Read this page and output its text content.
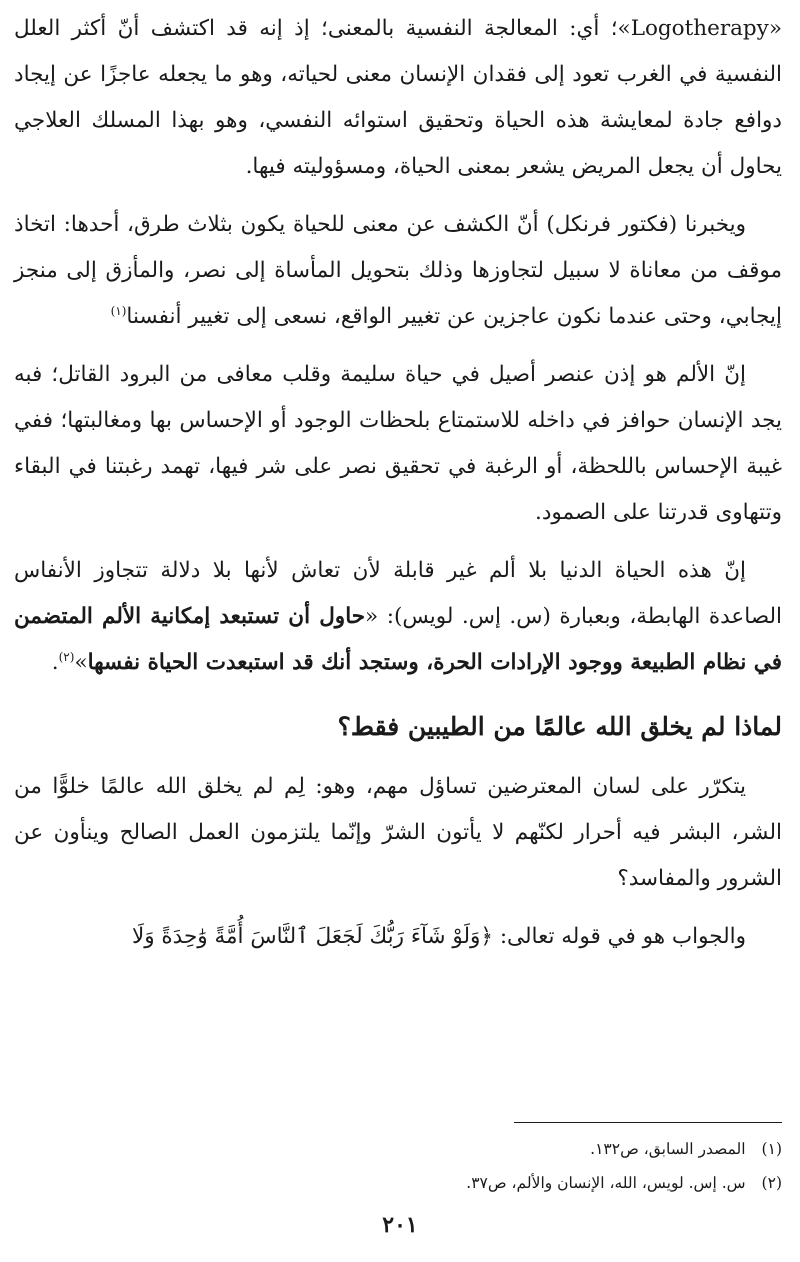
«Logotherapy»؛ أي: المعالجة النفسية بالمعنى؛ إذ إنه قد اكتشف أنّ أكثر العلل النفسية في الغرب تعود إلى فقدان الإنسان معنى لحياته، وهو ما يجعله عاجزًا عن إيجاد دوافع جادة لمعايشة هذه الحياة وتحقيق استوائه النفسي، وهو بهذا المسلك العلاجي يحاول أن يجعل المريض يشعر بمعنى الحياة، ومسؤوليته فيها.

ويخبرنا (فكتور فرنكل) أنّ الكشف عن معنى للحياة يكون بثلاث طرق، أحدها: اتخاذ موقف من معاناة لا سبيل لتجاوزها وذلك بتحويل المأساة إلى نصر، والمأزق إلى منجز إيجابي، وحتى عندما نكون عاجزين عن تغيير الواقع، نسعى إلى تغيير أنفسنا$^{(١)}$

إنّ الألم هو إذن عنصر أصيل في حياة سليمة وقلب معافى من البرود القاتل؛ فبه يجد الإنسان حوافز في داخله للاستمتاع بلحظات الوجود أو الإحساس بها ومغالبتها؛ ففي غيبة الإحساس باللحظة، أو الرغبة في تحقيق نصر على شر فيها، تهمد رغبتنا في البقاء وتتهاوى قدرتنا على الصمود.

إنّ هذه الحياة الدنيا بلا ألم غير قابلة لأن تعاش لأنها بلا دلالة تتجاوز الأنفاس الصاعدة الهابطة، وبعبارة (س. إس. لويس): «حاول أن تستبعد إمكانية الألم المتضمن في نظام الطبيعة ووجود الإرادات الحرة، وستجد أنك قد استبعدت الحياة نفسها»$^{(٢)}$.

لماذا لم يخلق الله عالمًا من الطيبين فقط؟

يتكرّر على لسان المعترضين تساؤل مهم، وهو: لِم لم يخلق الله عالمًا خلوًّا من الشر، البشر فيه أحرار لكنّهم لا يأتون الشرّ وإنّما يلتزمون العمل الصالح وينأون عن الشرور والمفاسد؟

والجواب هو في قوله تعالى: ﴿وَلَوْ شَآءَ رَبُّكَ لَجَعَلَ ٱلنَّاسَ أُمَّةً وَٰحِدَةً وَلَا

(١)المصدر السابق، ص١٣٢.
(٢)س. إس. لويس، الله، الإنسان والألم، ص٣٧.
٢٠١
